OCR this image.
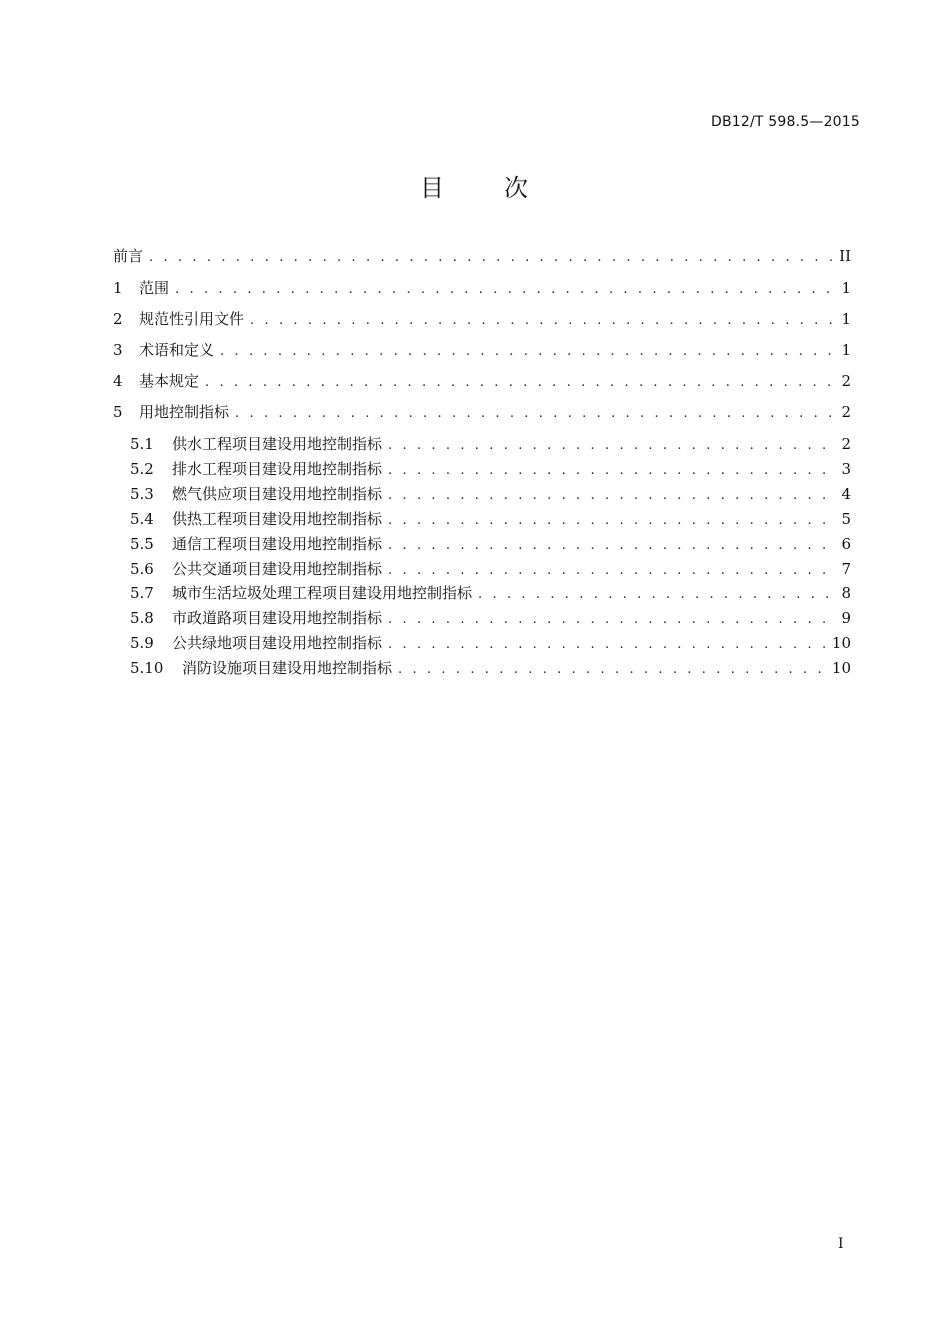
DB12/T 598.5—2015
目 次
前言 . . .	II
1	范围 . . .	1
2	规范性引用文件 . . .	1
3	术语和定义 . . .	1
4	基本规定 . . .	2
5	用地控制指标 . . .	2
5.1	供水工程项目建设用地控制指标 . . .	2
5.2	排水工程项目建设用地控制指标 . . .	3
5.3	燃气供应项目建设用地控制指标 . . .	4
5.4	供热工程项目建设用地控制指标 . . .	5
5.5	通信工程项目建设用地控制指标 . . .	6
5.6	公共交通项目建设用地控制指标 . . .	7
5.7	城市生活垃圾处理工程项目建设用地控制指标 . . .	8
5.8	市政道路项目建设用地控制指标 . . .	9
5.9	公共绿地项目建设用地控制指标 . . .	10
5.10	消防设施项目建设用地控制指标 . . .	10
I
